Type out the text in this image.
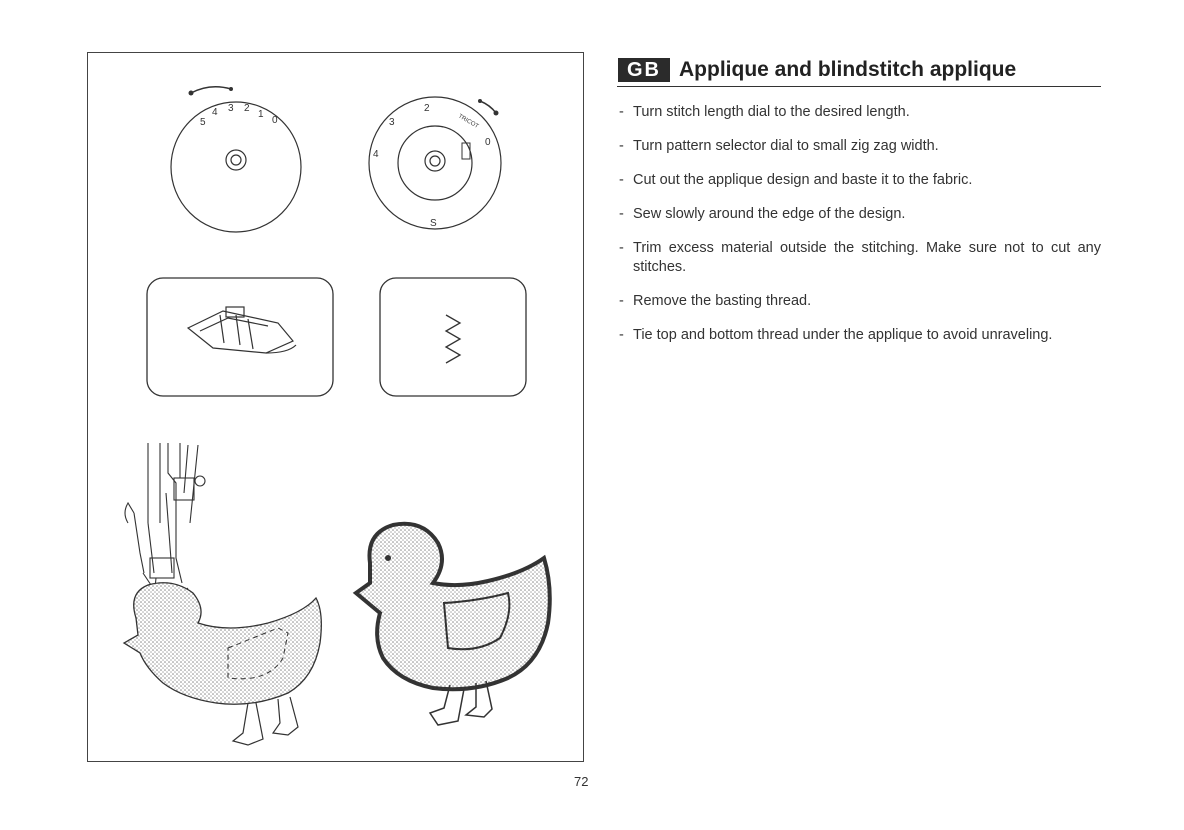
5
4 3 2
1
0
2
3
4
S
0
TRICOT
72
GB Applique and blindstitch applique
- Turn stitch length dial to the desired length.
- Turn pattern selector dial to small zig zag width.
- Cut out the applique design and baste it to the fabric.
- Sew slowly around the edge of the design.
- Trim excess material outside the stitching. Make sure not to cut any stitches.
- Remove the basting thread.
- Tie top and bottom thread under the applique to avoid unraveling.
